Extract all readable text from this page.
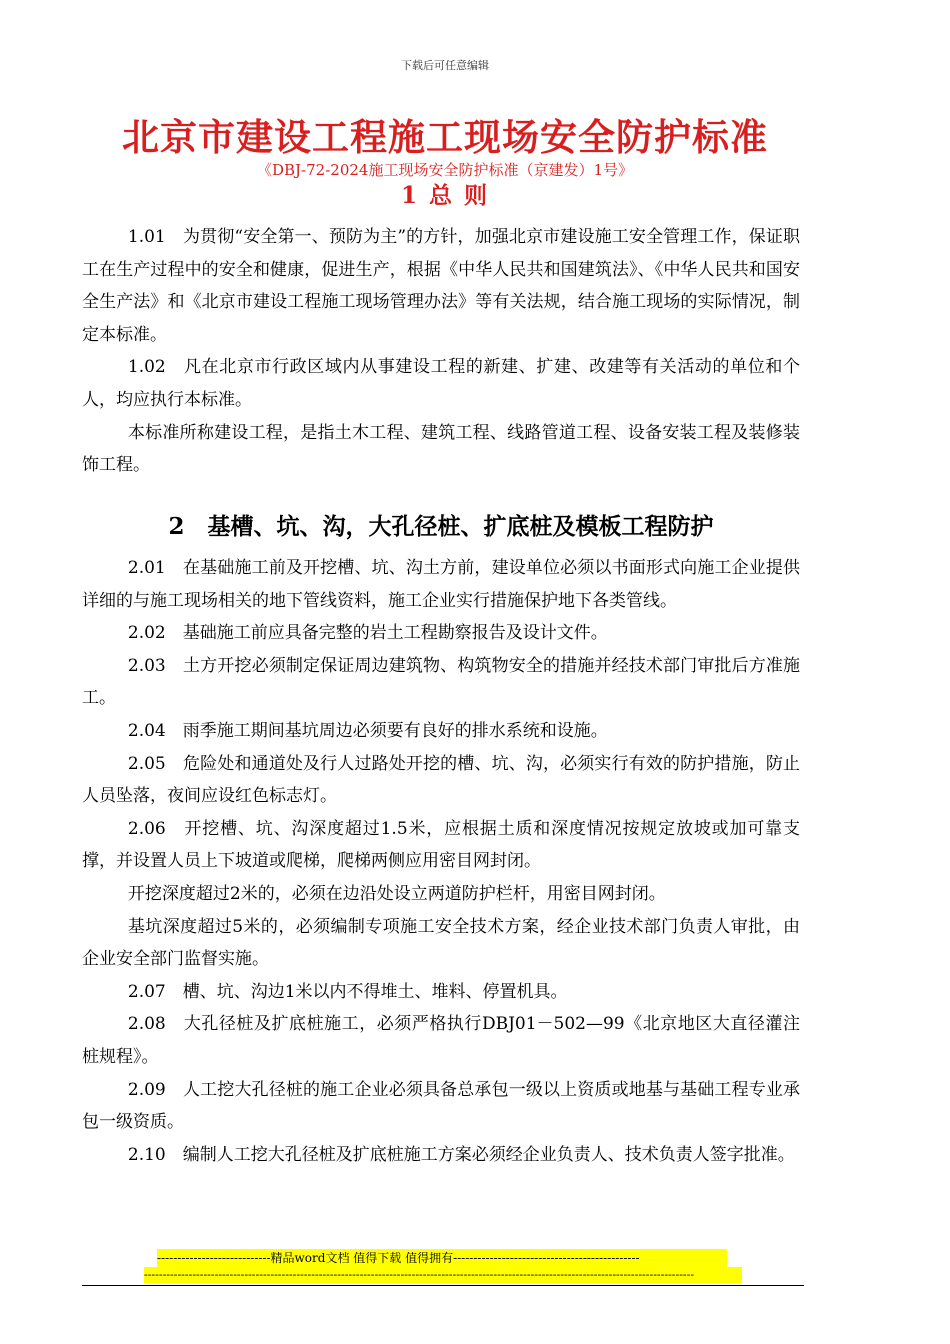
下载后可任意编辑
北京市建设工程施工现场安全防护标准
《DBJ-72-2024施工现场安全防护标准（京建发）1号》
1 总 则

1.01　为贯彻“安全第一、预防为主”的方针，加强北京市建设施工安全管理工作，保证职工在生产过程中的安全和健康，促进生产，根据《中华人民共和国建筑法》、《中华人民共和国安全生产法》和《北京市建设工程施工现场管理办法》等有关法规，结合施工现场的实际情况，制定本标准。

1.02　凡在北京市行政区域内从事建设工程的新建、扩建、改建等有关活动的单位和个人，均应执行本标准。

本标准所称建设工程，是指土木工程、建筑工程、线路管道工程、设备安装工程及装修装饰工程。

2　基槽、坑、沟，大孔径桩、扩底桩及模板工程防护

2.01　在基础施工前及开挖槽、坑、沟土方前，建设单位必须以书面形式向施工企业提供详细的与施工现场相关的地下管线资料，施工企业实行措施保护地下各类管线。

2.02　基础施工前应具备完整的岩土工程勘察报告及设计文件。

2.03　土方开挖必须制定保证周边建筑物、构筑物安全的措施并经技术部门审批后方准施工。

2.04　雨季施工期间基坑周边必须要有良好的排水系统和设施。

2.05　危险处和通道处及行人过路处开挖的槽、坑、沟，必须实行有效的防护措施，防止人员坠落，夜间应设红色标志灯。

2.06　开挖槽、坑、沟深度超过1.5米，应根据土质和深度情况按规定放坡或加可靠支撑，并设置人员上下坡道或爬梯，爬梯两侧应用密目网封闭。

开挖深度超过2米的，必须在边沿处设立两道防护栏杆，用密目网封闭。

基坑深度超过5米的，必须编制专项施工安全技术方案，经企业技术部门负责人审批，由企业安全部门监督实施。

2.07　槽、坑、沟边1米以内不得堆土、堆料、停置机具。

2.08　大孔径桩及扩底桩施工，必须严格执行DBJ01－502—99《北京地区大直径灌注桩规程》。

2.09　人工挖大孔径桩的施工企业必须具备总承包一级以上资质或地基与基础工程专业承包一级资质。

2.10　编制人工挖大孔径桩及扩底桩施工方案必须经企业负责人、技术负责人签字批准。

----------------------------精品word文档 值得下载 值得拥有----------------------------------------------
----------------------------------------------------------------------------------------------------------------------------------------------------
